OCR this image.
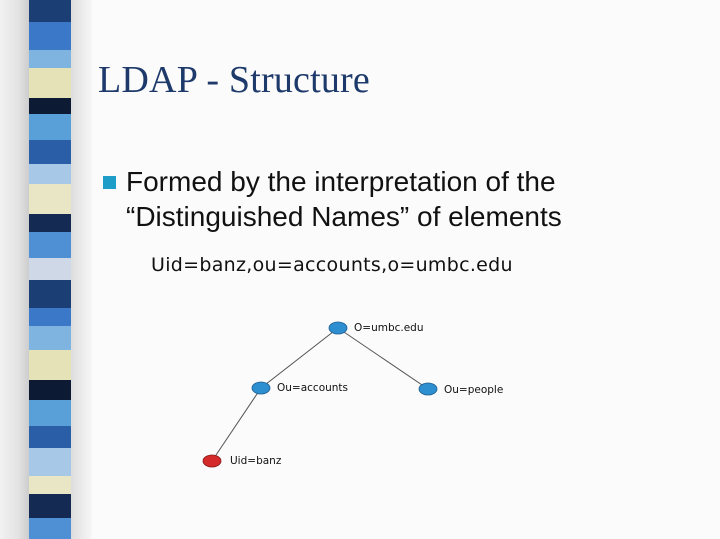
LDAP - Structure
Formed by the interpretation of the “Distinguished Names” of elements
Uid=banz,ou=accounts,o=umbc.edu
O=umbc.edu
Ou=accounts	Ou=people
Uid=banz
